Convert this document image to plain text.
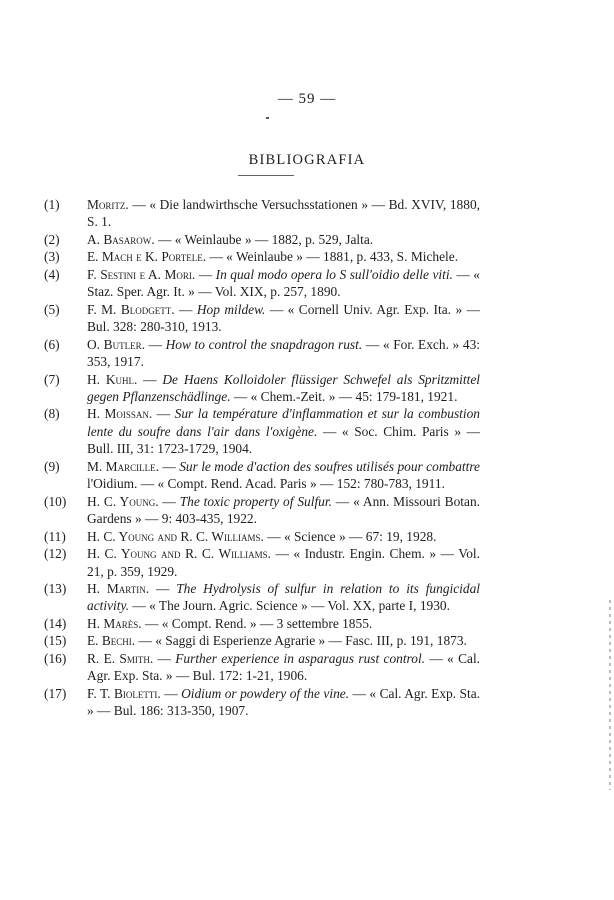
— 59 —
BIBLIOGRAFIA
(1)	Moritz. — « Die landwirthsche Versuchsstationen » — Bd. XVIV, 1880, S. 1.
(2)	A. Basarow. — « Weinlaube » — 1882, p. 529, Jalta.
(3)	E. Mach e K. Portele. — « Weinlaube » — 1881, p. 433, S. Michele.
(4)	F. Sestini e A. Mori. — In qual modo opera lo S sull'oidio delle viti. — « Staz. Sper. Agr. It. » — Vol. XIX, p. 257, 1890.
(5)	F. M. Blodgett. — Hop mildew. — « Cornell Univ. Agr. Exp. Ita. » — Bul. 328: 280-310, 1913.
(6)	O. Butler. — How to control the snapdragon rust. — « For. Exch. » 43: 353, 1917.
(7)	H. Kuhl. — De Haens Kolloidoler flüssiger Schwefel als Spritzmittel gegen Pflanzenschädlinge. — « Chem.-Zeit. » — 45: 179-181, 1921.
(8)	H. Moissan. — Sur la température d'inflammation et sur la combustion lente du soufre dans l'air dans l'oxigène. — « Soc. Chim. Paris » — Bull. III, 31: 1723-1729, 1904.
(9)	M. Marcille. — Sur le mode d'action des soufres utilisés pour combattre l'Oidium. — « Compt. Rend. Acad. Paris » — 152: 780-783, 1911.
(10)	H. C. Young. — The toxic property of Sulfur. — « Ann. Missouri Botan. Gardens » — 9: 403-435, 1922.
(11)	H. C. Young and R. C. Williams. — « Science » — 67: 19, 1928.
(12)	H. C. Young and R. C. Williams. — « Industr. Engin. Chem. » — Vol. 21, p. 359, 1929.
(13)	H. Martin. — The Hydrolysis of sulfur in relation to its fungicidal activity. — « The Journ. Agric. Science » — Vol. XX, parte I, 1930.
(14)	H. Marès. — « Compt. Rend. » — 3 settembre 1855.
(15)	E. Bechi. — « Saggi di Esperienze Agrarie » — Fasc. III, p. 191, 1873.
(16)	R. E. Smith. — Further experience in asparagus rust control. — « Cal. Agr. Exp. Sta. » — Bul. 172: 1-21, 1906.
(17)	F. T. Bioletti. — Oidium or powdery of the vine. — « Cal. Agr. Exp. Sta. » — Bul. 186: 313-350, 1907.
